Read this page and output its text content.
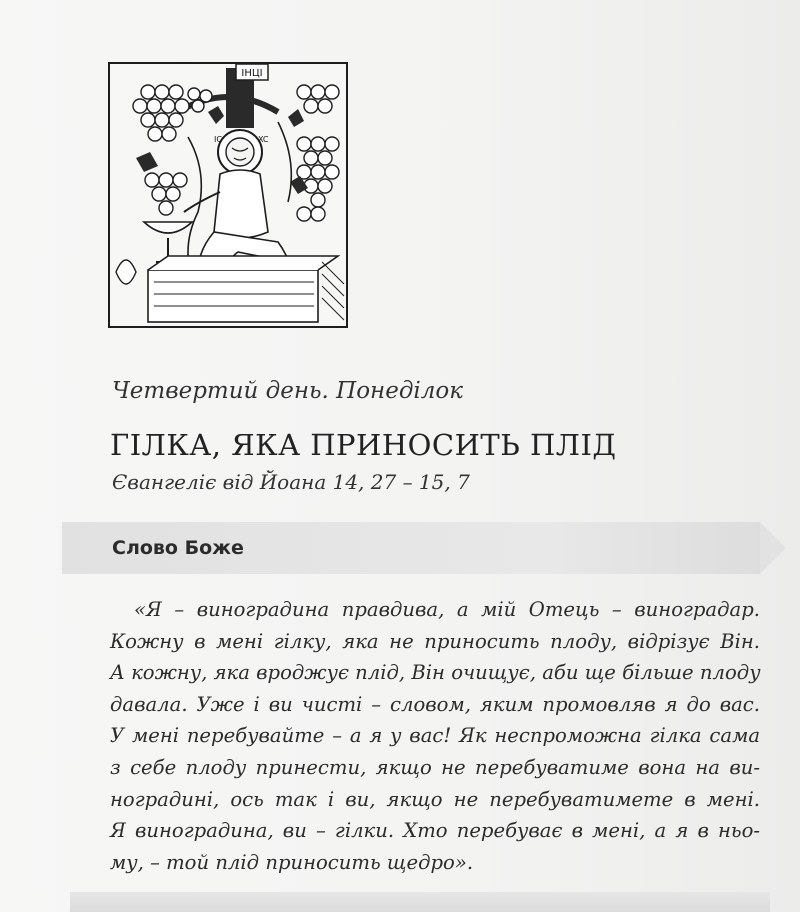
ІНЦІ
IC	XC
Четвертий день. Понеділок
ГІЛКА, ЯКА ПРИНОСИТЬ ПЛІД
Євангеліє від Йоана 14, 27 – 15, 7
Слово Боже

«Я – виноградина правдива, а мій Отець – виноградар.
Кожну в мені гілку, яка не приносить плоду, відрізує Він.
А кожну, яка вроджує плід, Він очищує, аби ще більше плоду
давала. Уже і ви чисті – словом, яким промовляв я до вас.
У мені перебувайте – а я у вас! Як неспроможна гілка сама
з себе плоду принести, якщо не перебуватиме вона на ви-
ноградині, ось так і ви, якщо не перебуватимете в мені.
Я виноградина, ви – гілки. Хто перебуває в мені, а я в ньо-
му, – той плід приносить щедро».
